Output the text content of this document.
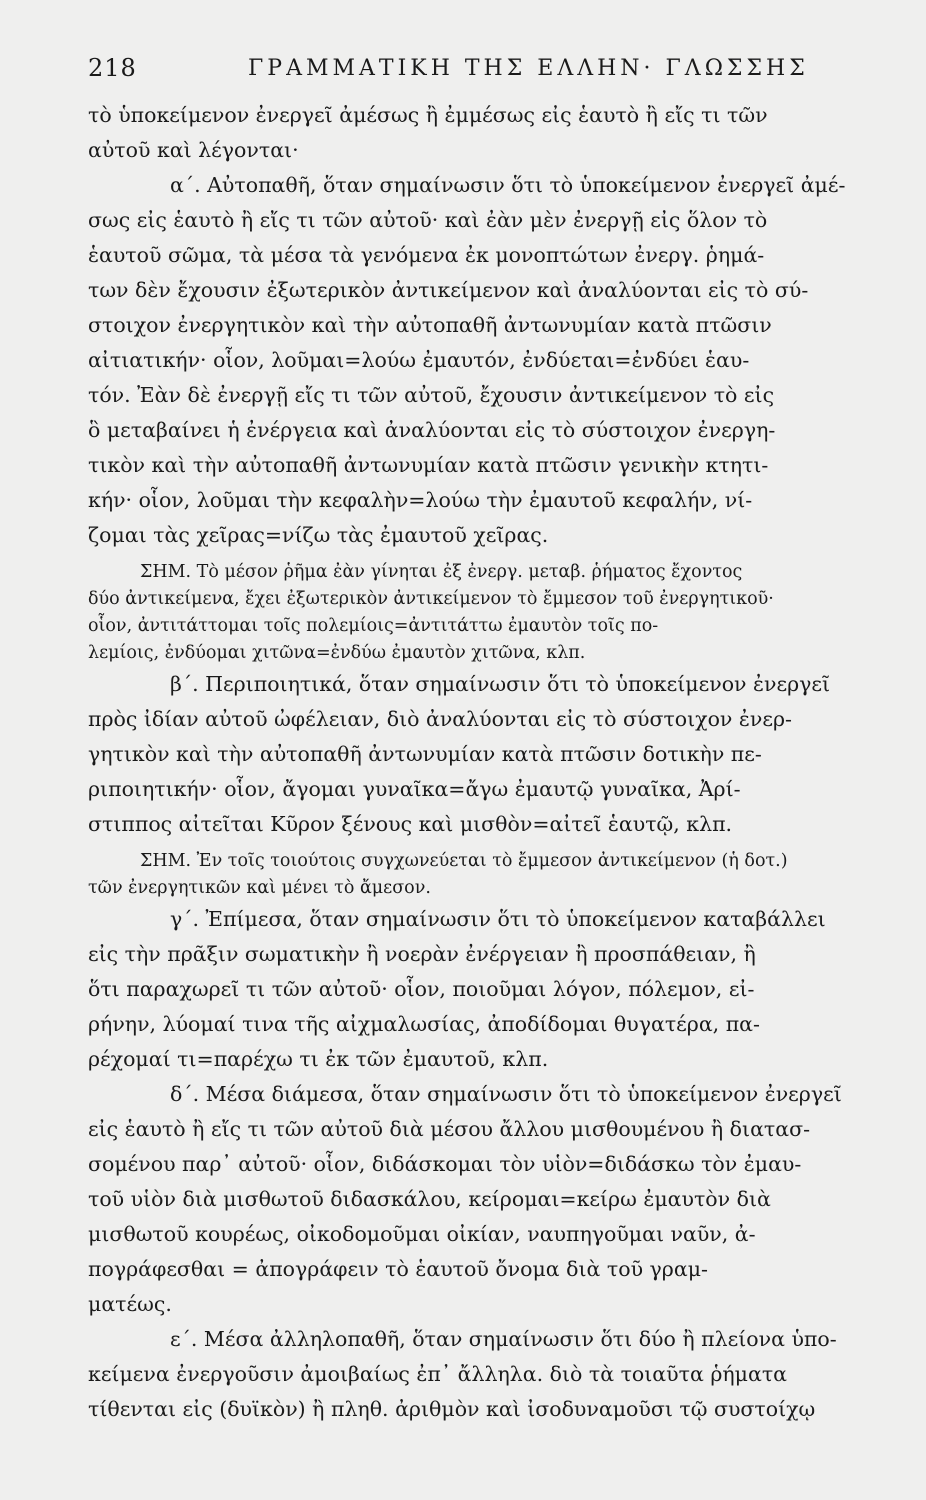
218	ΓΡΑΜΜΑΤΙΚΗ ΤΗΣ ΕΛΛΗΝ· ΓΛΩΣΣΗΣ
τὸ ὑποκείμενον ἐνεργεῖ ἀμέσως ἢ ἐμμέσως εἰς ἑαυτὸ ἢ εἴς τι τῶν
αὐτοῦ καὶ λέγονται·
α΄. Αὐτοπαθῆ, ὅταν σημαίνωσιν ὅτι τὸ ὑποκείμενον ἐνεργεῖ ἀμέ-
σως εἰς ἑαυτὸ ἢ εἴς τι τῶν αὐτοῦ· καὶ ἐὰν μὲν ἐνεργῇ εἰς ὅλον τὸ
ἑαυτοῦ σῶμα, τὰ μέσα τὰ γενόμενα ἐκ μονοπτώτων ἐνεργ. ῥημά-
των δὲν ἔχουσιν ἐξωτερικὸν ἀντικείμενον καὶ ἀναλύονται εἰς τὸ σύ-
στοιχον ἐνεργητικὸν καὶ τὴν αὐτοπαθῆ ἀντωνυμίαν κατὰ πτῶσιν
αἰτιατικήν· οἷον, λοῦμαι=λούω ἐμαυτόν, ἐνδύεται=ἐνδύει ἑαυ-
τόν. Ἐὰν δὲ ἐνεργῇ εἴς τι τῶν αὐτοῦ, ἔχουσιν ἀντικείμενον τὸ εἰς
ὃ μεταβαίνει ἡ ἐνέργεια καὶ ἀναλύονται εἰς τὸ σύστοιχον ἐνεργη-
τικὸν καὶ τὴν αὐτοπαθῆ ἀντωνυμίαν κατὰ πτῶσιν γενικὴν κτητι-
κήν· οἷον, λοῦμαι τὴν κεφαλὴν=λούω τὴν ἐμαυτοῦ κεφαλήν, νί-
ζομαι τὰς χεῖρας=νίζω τὰς ἐμαυτοῦ χεῖρας.
ΣΗΜ. Τὸ μέσον ῥῆμα ἐὰν γίνηται ἐξ ἐνεργ. μεταβ. ῥήματος ἔχοντος
δύο ἀντικείμενα, ἔχει ἐξωτερικὸν ἀντικείμενον τὸ ἔμμεσον τοῦ ἐνεργητικοῦ·
οἷον, ἀντιτάττομαι τοῖς πολεμίοις=ἀντιτάττω ἐμαυτὸν τοῖς πο-
λεμίοις, ἐνδύομαι χιτῶνα=ἐνδύω ἐμαυτὸν χιτῶνα, κλπ.
β΄. Περιποιητικά, ὅταν σημαίνωσιν ὅτι τὸ ὑποκείμενον ἐνεργεῖ
πρὸς ἰδίαν αὐτοῦ ὠφέλειαν, διὸ ἀναλύονται εἰς τὸ σύστοιχον ἐνερ-
γητικὸν καὶ τὴν αὐτοπαθῆ ἀντωνυμίαν κατὰ πτῶσιν δοτικὴν πε-
ριποιητικήν· οἷον, ἄγομαι γυναῖκα=ἄγω ἐμαυτῷ γυναῖκα, Ἀρί-
στιππος αἰτεῖται Κῦρον ξένους καὶ μισθὸν=αἰτεῖ ἑαυτῷ, κλπ.
ΣΗΜ. Ἐν τοῖς τοιούτοις συγχωνεύεται τὸ ἔμμεσον ἀντικείμενον (ἡ δοτ.)
τῶν ἐνεργητικῶν καὶ μένει τὸ ἄμεσον.
γ΄. Ἐπίμεσα, ὅταν σημαίνωσιν ὅτι τὸ ὑποκείμενον καταβάλλει
εἰς τὴν πρᾶξιν σωματικὴν ἢ νοερὰν ἐνέργειαν ἢ προσπάθειαν, ἢ
ὅτι παραχωρεῖ τι τῶν αὐτοῦ· οἷον, ποιοῦμαι λόγον, πόλεμον, εἰ-
ρήνην, λύομαί τινα τῆς αἰχμαλωσίας, ἀποδίδομαι θυγατέρα, πα-
ρέχομαί τι=παρέχω τι ἐκ τῶν ἐμαυτοῦ, κλπ.
δ΄. Μέσα διάμεσα, ὅταν σημαίνωσιν ὅτι τὸ ὑποκείμενον ἐνεργεῖ
εἰς ἑαυτὸ ἢ εἴς τι τῶν αὐτοῦ διὰ μέσου ἄλλου μισθουμένου ἢ διατασ-
σομένου παρ᾽ αὐτοῦ· οἷον, διδάσκομαι τὸν υἱὸν=διδάσκω τὸν ἐμαυ-
τοῦ υἱὸν διὰ μισθωτοῦ διδασκάλου, κείρομαι=κείρω ἐμαυτὸν διὰ
μισθωτοῦ κουρέως, οἰκοδομοῦμαι οἰκίαν, ναυπηγοῦμαι ναῦν, ἀ-
πογράφεσθαι = ἀπογράφειν τὸ ἑαυτοῦ ὄνομα διὰ τοῦ γραμ-
ματέως.
ε΄. Μέσα ἀλληλοπαθῆ, ὅταν σημαίνωσιν ὅτι δύο ἢ πλείονα ὑπο-
κείμενα ἐνεργοῦσιν ἀμοιβαίως ἐπ᾽ ἄλληλα. διὸ τὰ τοιαῦτα ῥήματα
τίθενται εἰς (δυϊκὸν) ἢ πληθ. ἀριθμὸν καὶ ἰσοδυναμοῦσι τῷ συστοίχῳ
